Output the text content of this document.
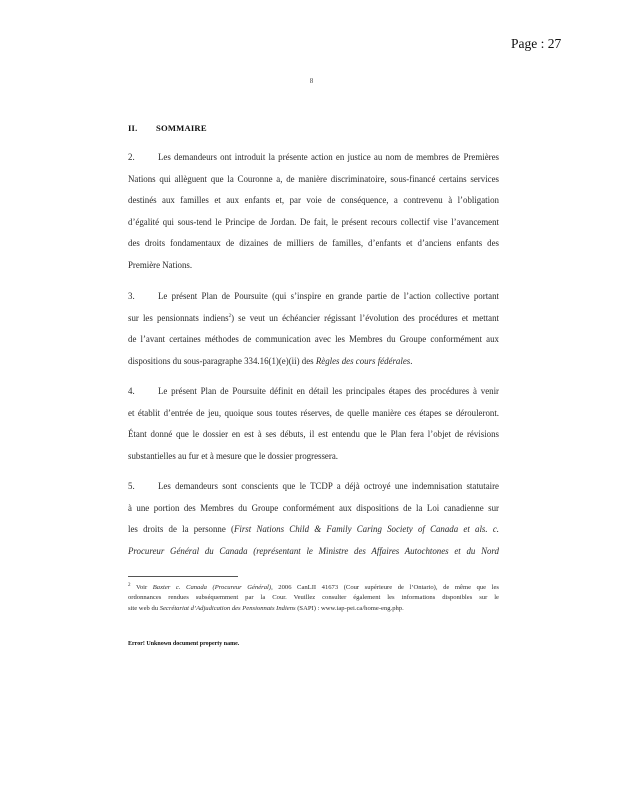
Page : 27
8
II. SOMMAIRE
2.	Les demandeurs ont introduit la présente action en justice au nom de membres de Premières
Nations qui allèguent que la Couronne a, de manière discriminatoire, sous-financé certains services
destinés aux familles et aux enfants et, par voie de conséquence, a contrevenu à l’obligation
d’égalité qui sous-tend le Principe de Jordan. De fait, le présent recours collectif vise l’avancement
des droits fondamentaux de dizaines de milliers de familles, d’enfants et d’anciens enfants des
Première Nations.
3.	Le présent Plan de Poursuite (qui s’inspire en grande partie de l’action collective portant
sur les pensionnats indiens$^2$) se veut un échéancier régissant l’évolution des procédures et mettant
de l’avant certaines méthodes de communication avec les Membres du Groupe conformément aux
dispositions du sous-paragraphe 334.16(1)(e)(ii) des Règles des cours fédérales.
4.	Le présent Plan de Poursuite définit en détail les principales étapes des procédures à venir
et établit d’entrée de jeu, quoique sous toutes réserves, de quelle manière ces étapes se dérouleront.
Étant donné que le dossier en est à ses débuts, il est entendu que le Plan fera l’objet de révisions
substantielles au fur et à mesure que le dossier progressera.
5.	Les demandeurs sont conscients que le TCDP a déjà octroyé une indemnisation statutaire
à une portion des Membres du Groupe conformément aux dispositions de la Loi canadienne sur
les droits de la personne (First Nations Child & Family Caring Society of Canada et als. c.
Procureur Général du Canada (représentant le Ministre des Affaires Autochtones et du Nord
$^2$ Voir Baxter c. Canada (Procureur Général), 2006 CanLII 41673 (Cour supérieure de l’Ontario), de même que les
ordonnances rendues subséquemment par la Cour. Veuillez consulter également les informations disponibles sur le
site web du Secrétariat d’Adjudication des Pensionnats Indiens (SAPI) : www.iap-pei.ca/home-eng.php.
Error! Unknown document property name.
